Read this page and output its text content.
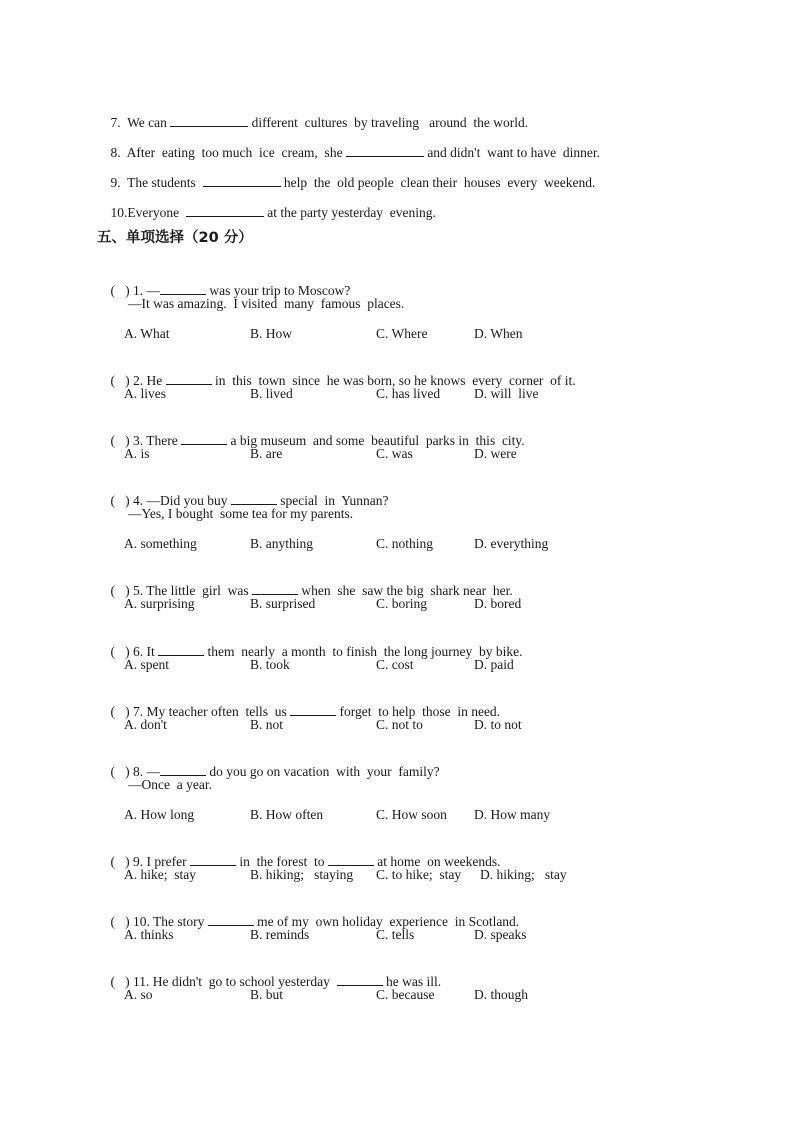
7. We can	different  cultures  by traveling   around  the world.

8. After  eating  too much  ice  cream,  she	and didn't  want to have  dinner.

9. The students	help  the  old people  clean their  houses  every  weekend.

10.Everyone	at the party yesterday  evening.

五、单项选择（20 分）

(   ) 1. —	was your trip to Moscow?

—It was amazing.  I visited  many  famous  places.
A. What	B. How	C. Where	D. When

(   ) 2. He	in  this  town  since  he was born, so he knows  every  corner  of it.

A. lives	B. lived	C. has lived	D. will  live

(   ) 3. There	a big museum  and some  beautiful  parks in  this  city.

A. is	B. are	C. was	D. were

(   ) 4. —Did you buy	special  in  Yunnan?

—Yes, I bought  some tea for my parents.
A. something	B. anything	C. nothing	D. everything

(   ) 5. The little  girl  was	when  she  saw the big  shark near  her.

A. surprising	B. surprised	C. boring	D. bored

(   ) 6. It	them  nearly  a month  to finish  the long journey  by bike.

A. spent	B. took	C. cost	D. paid

(   ) 7. My teacher often  tells  us	forget  to help  those  in need.

A. don't	B. not	C. not to	D. to not

(   ) 8. —	do you go on vacation  with  your  family?

—Once  a year.
A. How long	B. How often	C. How soon D. How many

(   ) 9. I prefer	in  the forest  to	at home  on weekends.

A. hike;  stay	B. hiking;   staying C. to hike;  stay D. hiking;   stay

(   ) 10. The story	me of my  own holiday  experience  in Scotland.

A. thinks	B. reminds	C. tells	D. speaks

(   ) 11. He didn't  go to school yesterday	he was ill.

A. so	B. but	C. because	D. though
